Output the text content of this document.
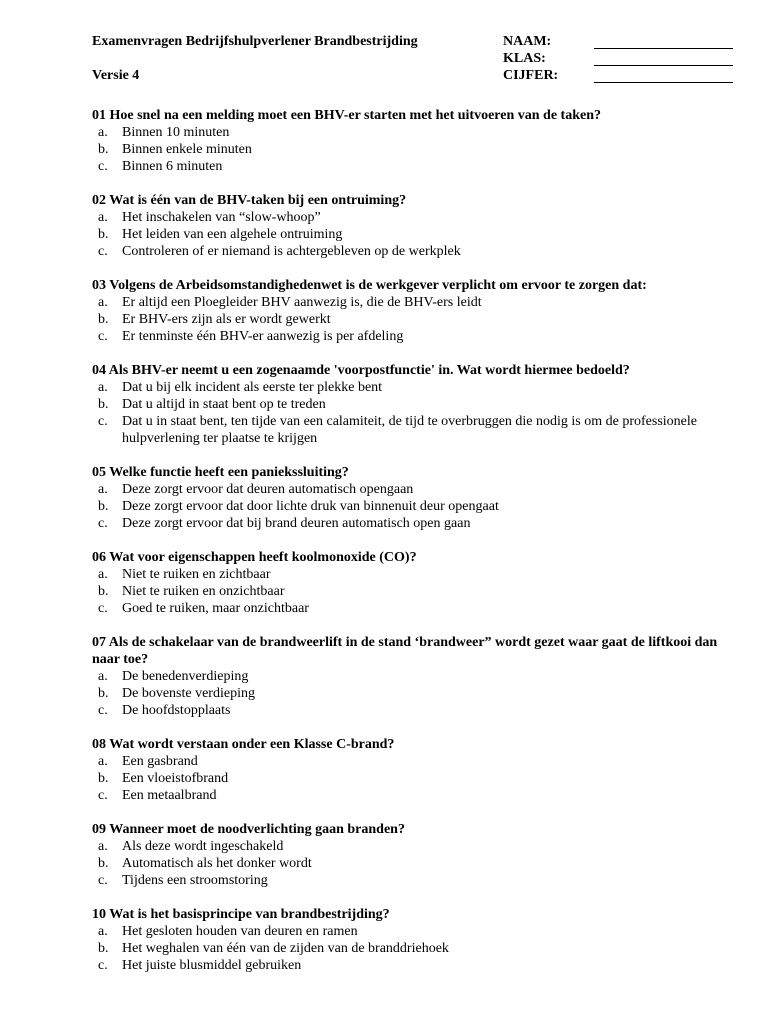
Examenvragen Bedrijfshulpverlener Brandbestrijding
Versie 4
NAAM:
KLAS:
CIJFER:
01 Hoe snel na een melding moet een BHV-er starten met het uitvoeren van de taken?
a.	Binnen 10 minuten
b. Binnen enkele minuten
c.	Binnen 6 minuten
02 Wat is één van de BHV-taken bij een ontruiming?
a.	Het inschakelen van “slow-whoop”
b. Het leiden van een algehele ontruiming
c.	Controleren of er niemand is achtergebleven op de werkplek
03 Volgens de Arbeidsomstandighedenwet is de werkgever verplicht om ervoor te zorgen dat:
a.	Er altijd een Ploegleider BHV aanwezig is, die de BHV-ers leidt
b. Er BHV-ers zijn als er wordt gewerkt
c.	Er tenminste één BHV-er aanwezig is per afdeling
04 Als BHV-er neemt u een zogenaamde 'voorpostfunctie' in. Wat wordt hiermee bedoeld?
a.	Dat u bij elk incident als eerste ter plekke bent
b. Dat u altijd in staat bent op te treden
c.	Dat u in staat bent, ten tijde van een calamiteit, de tijd te overbruggen die nodig is om de professionele hulpverlening ter plaatse te krijgen
05 Welke functie heeft een paniekssluiting?
a.	Deze zorgt ervoor dat deuren automatisch opengaan
b. Deze zorgt ervoor dat door lichte druk van binnenuit deur opengaat
c.	Deze zorgt ervoor dat bij brand deuren automatisch open gaan
06 Wat voor eigenschappen heeft koolmonoxide (CO)?
a.	Niet te ruiken en zichtbaar
b. Niet te ruiken en onzichtbaar
c.	Goed te ruiken, maar onzichtbaar
07 Als de schakelaar van de brandweerlift in de stand ‘brandweer” wordt gezet waar gaat de liftkooi dan naar toe?
a.	De benedenverdieping
b. De bovenste verdieping
c.	De hoofdstopplaats
08 Wat wordt verstaan onder een Klasse C-brand?
a.	Een gasbrand
b. Een vloeistofbrand
c.	Een metaalbrand
09 Wanneer moet de noodverlichting gaan branden?
a.	Als deze wordt ingeschakeld
b. Automatisch als het donker wordt
c.	Tijdens een stroomstoring
10 Wat is het basisprincipe van brandbestrijding?
a.	Het gesloten houden van deuren en ramen
b. Het weghalen van één van de zijden van de branddriehoek
c.	Het juiste blusmiddel gebruiken
